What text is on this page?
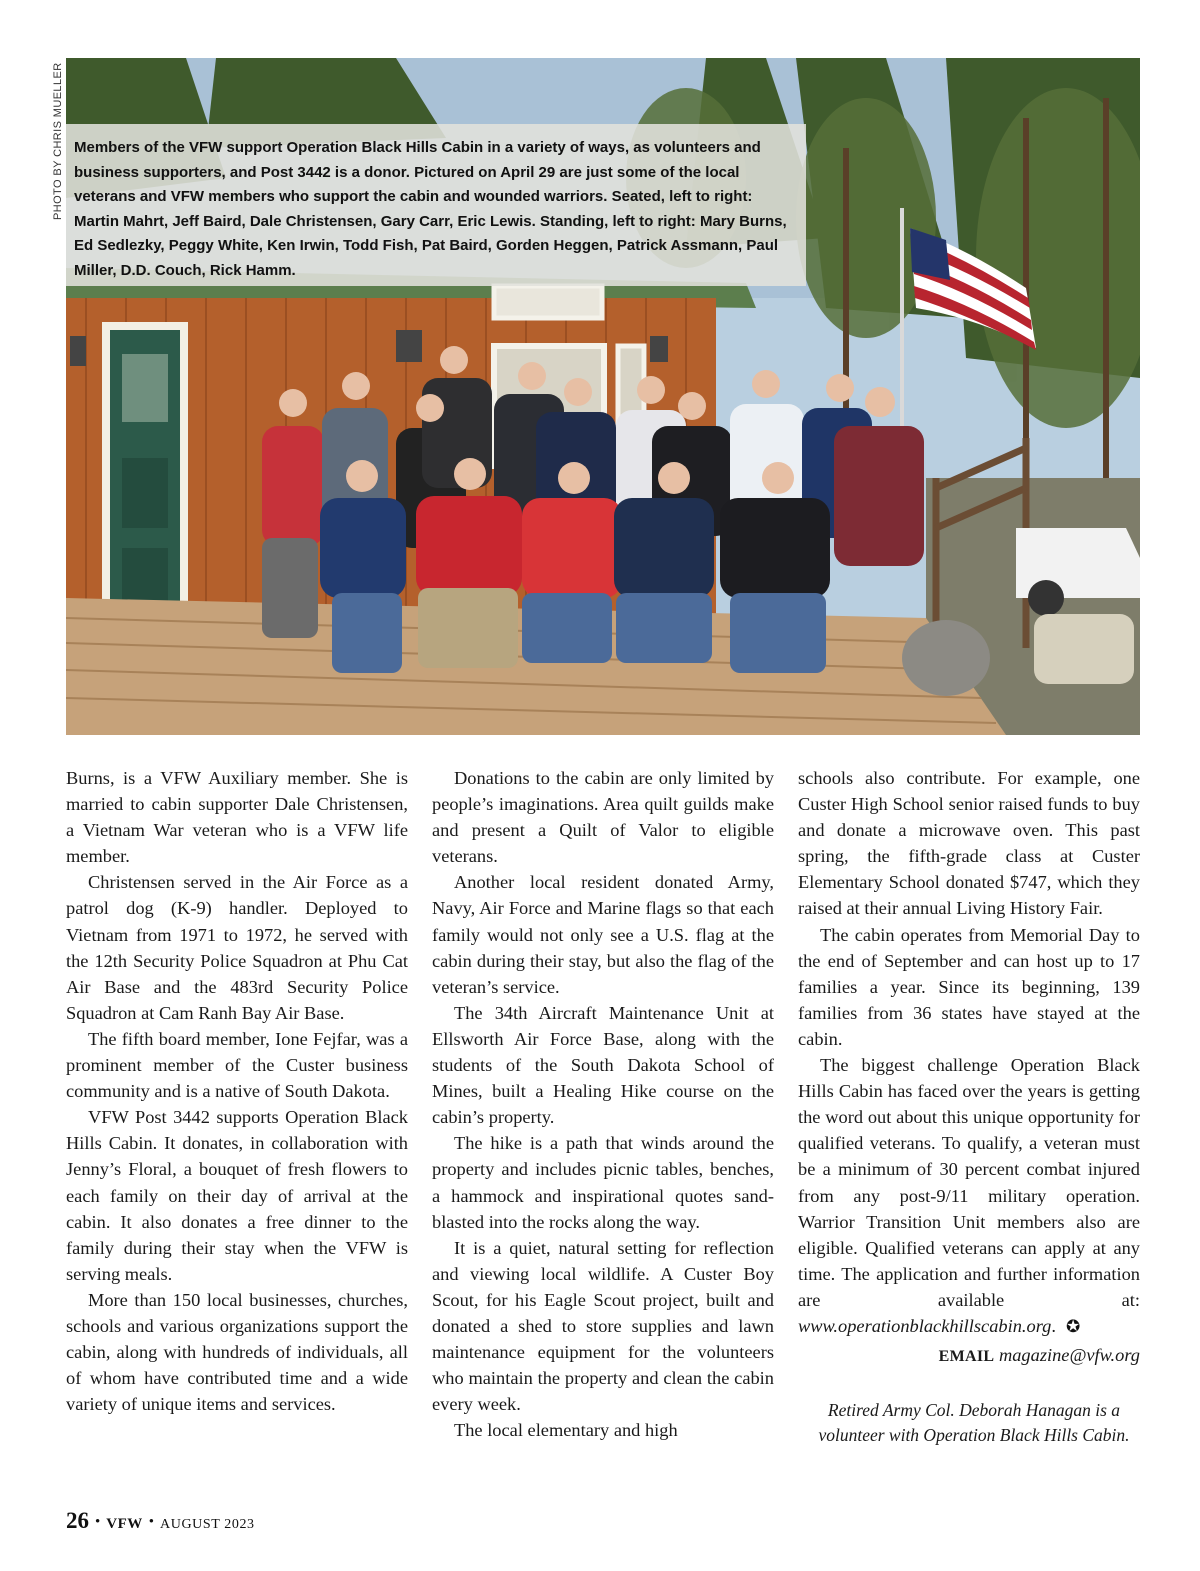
PHOTO BY CHRIS MUELLER Members of the VFW support Operation Black Hills Cabin in a variety of ways, as volunteers and business supporters, and Post 3442 is a donor. Pictured on April 29 are just some of the local veterans and VFW members who support the cabin and wounded warriors. Seated, left to right: Martin Mahrt, Jeff Baird, Dale Christensen, Gary Carr, Eric Lewis. Standing, left to right: Mary Burns, Ed Sedlezky, Peggy White, Ken Irwin, Todd Fish, Pat Baird, Gorden Heggen, Patrick Assmann, Paul Miller, D.D. Couch, Rick Hamm.

Burns, is a VFW Auxiliary member. She is married to cabin supporter Dale Christensen, a Vietnam War veteran who is a VFW life member.

Christensen served in the Air Force as a patrol dog (K-9) handler. Deployed to Vietnam from 1971 to 1972, he served with the 12th Security Police Squadron at Phu Cat Air Base and the 483rd Security Police Squadron at Cam Ranh Bay Air Base.

The fifth board member, Ione Fejfar, was a prominent member of the Custer business community and is a native of South Dakota.

VFW Post 3442 supports Operation Black Hills Cabin. It donates, in collaboration with Jenny’s Floral, a bouquet of fresh flowers to each family on their day of arrival at the cabin. It also donates a free dinner to the family during their stay when the VFW is serving meals.

More than 150 local businesses, churches, schools and various organizations support the cabin, along with hundreds of individuals, all of whom have contributed time and a wide variety of unique items and services.

Donations to the cabin are only limited by people’s imaginations. Area quilt guilds make and present a Quilt of Valor to eligible veterans.

Another local resident donated Army, Navy, Air Force and Marine flags so that each family would not only see a U.S. flag at the cabin during their stay, but also the flag of the veteran’s service.

The 34th Aircraft Maintenance Unit at Ellsworth Air Force Base, along with the students of the South Dakota School of Mines, built a Healing Hike course on the cabin’s property.

The hike is a path that winds around the property and includes picnic tables, benches, a hammock and inspirational quotes sand-blasted into the rocks along the way.

It is a quiet, natural setting for reflection and viewing local wildlife. A Custer Boy Scout, for his Eagle Scout project, built and donated a shed to store supplies and lawn maintenance equipment for the volunteers who maintain the property and clean the cabin every week.

The local elementary and high

schools also contribute. For example, one Custer High School senior raised funds to buy and donate a microwave oven. This past spring, the fifth-grade class at Custer Elementary School donated $747, which they raised at their annual Living History Fair.

The cabin operates from Memorial Day to the end of September and can host up to 17 families a year. Since its beginning, 139 families from 36 states have stayed at the cabin.

The biggest challenge Operation Black Hills Cabin has faced over the years is getting the word out about this unique opportunity for qualified veterans. To qualify, a veteran must be a minimum of 30 percent combat injured from any post-9/11 military operation. Warrior Transition Unit members also are eligible. Qualified veterans can apply at any time. The application and further information are available at: www.operationblackhillscabin.org. ✪

EMAIL magazine@vfw.org
Retired Army Col. Deborah Hanagan is a volunteer with Operation Black Hills Cabin.
26 • VFW • AUGUST 2023
